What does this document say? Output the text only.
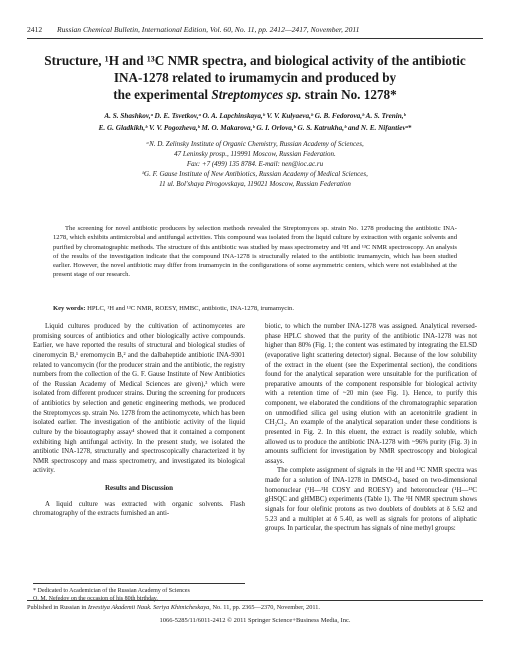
2412 Russian Chemical Bulletin, International Edition, Vol. 60, No. 11, pp. 2412—2417, November, 2011
Structure, ¹H and ¹³C NMR spectra, and biological activity of the antibiotic
INA-1278 related to irumamycin and produced by
the experimental Streptomyces sp. strain No. 1278*
A. S. Shashkov,ᵃ D. E. Tsvetkov,ᵃ O. A. Lapchinskaya,ᵇ V. V. Kulyaeva,ᵇ G. B. Fedorova,ᵇ A. S. Trenin,ᵇ
E. G. Gladkikh,ᵇ V. V. Pogozheva,ᵇ M. O. Makarova,ᵇ G. I. Orlova,ᵇ G. S. Katrukha,ᵇ and N. E. Nifantievᵃ*
ᵃN. D. Zelinsky Institute of Organic Chemistry, Russian Academy of Sciences,
47 Leninsky prosp., 119991 Moscow, Russian Federation.
Fax: +7 (499) 135 8784. E-mail: nen@ioc.ac.ru
ᵇG. F. Gause Institute of New Antibiotics, Russian Academy of Medical Sciences,
11 ul. Bol'shaya Pirogovskaya, 119021 Moscow, Russian Federation
The screening for novel antibiotic producers by selection methods revealed the Streptomyces sp. strain No. 1278 producing the antibiotic INA-1278, which exhibits antimicrobial and antifungal activities. This compound was isolated from the liquid culture by extraction with organic solvents and purified by chromatographic methods. The structure of this antibiotic was studied by mass spectrometry and ¹H and ¹³C NMR spectroscopy. An analysis of the results of the investigation indicate that the compound INA-1278 is structurally related to the antibiotic irumamycin, which has been studied earlier. However, the novel antibiotic may differ from irumamycin in the configurations of some asymmetric centers, which were not established at the present stage of our research.
Key words: HPLC, ¹H and ¹³C NMR, ROESY, HMBC, antibiotic, INA-1278, irumamycin.

Liquid cultures produced by the cultivation of actinomycetes are promising sources of antibiotics and other biologically active compounds. Earlier, we have reported the results of structural and biological studies of cineromycin B,¹ eremomycin B,² and the dalbaheptide antibiotic INA-9301 related to vancomycin (for the producer strain and the antibiotic, the registry numbers from the collection of the G. F. Gause Institute of New Antibiotics of the Russian Academy of Medical Sciences are given),³ which were isolated from different producer strains. During the screening for producers of antibiotics by selection and genetic engineering methods, we produced the Streptomyces sp. strain No. 1278 from the actinomycete, which has been isolated earlier. The investigation of the antibiotic activity of the liquid culture by the bioautography assay⁴ showed that it contained a component exhibiting high antifungal activity. In the present study, we isolated the antibiotic INA-1278, structurally and spectroscopically characterized it by NMR spectroscopy and mass spectrometry, and investigated its biological activity.

Results and Discussion

A liquid culture was extracted with organic solvents. Flash chromatography of the extracts furnished an anti-

biotic, to which the number INA-1278 was assigned. Analytical reversed-phase HPLC showed that the purity of the antibiotic INA-1278 was not higher than 80% (Fig. 1; the content was estimated by integrating the ELSD (evaporative light scattering detector) signal. Because of the low solubility of the extract in the eluent (see the Experimental section), the conditions found for the analytical separation were unsuitable for the purification of preparative amounts of the component responsible for biological activity with a retention time of ~20 min (see Fig. 1). Hence, to purify this component, we elaborated the conditions of the chromatographic separation on unmodified silica gel using elution with an acetonitrile gradient in CH₂Cl₂. An example of the analytical separation under these conditions is presented in Fig. 2. In this eluent, the extract is readily soluble, which allowed us to produce the antibiotic INA-1278 with ~96% purity (Fig. 3) in amounts sufficient for investigation by NMR spectroscopy and biological assays.

The complete assignment of signals in the ¹H and ¹³C NMR spectra was made for a solution of INA-1278 in DMSO-d₆ based on two-dimensional homonuclear (¹H—¹H COSY and ROESY) and heteronuclear (¹H—¹³C gHSQC and gHMBC) experiments (Table 1). The ¹H NMR spectrum shows signals for four olefinic protons as two doublets of doublets at δ 5.62 and 5.23 and a multiplet at δ 5.40, as well as signals for protons of aliphatic groups. In particular, the spectrum has signals of nine methyl groups:

* Dedicated to Academician of the Russian Academy of Sciences
O. M. Nefedov on the occasion of his 80th birthday.
Published in Russian in Izvestiya Akademii Nauk. Seriya Khimicheskaya, No. 11, pp. 2365—2370, November, 2011.
1066-5285/11/6011-2412 © 2011 Springer Science+Business Media, Inc.
